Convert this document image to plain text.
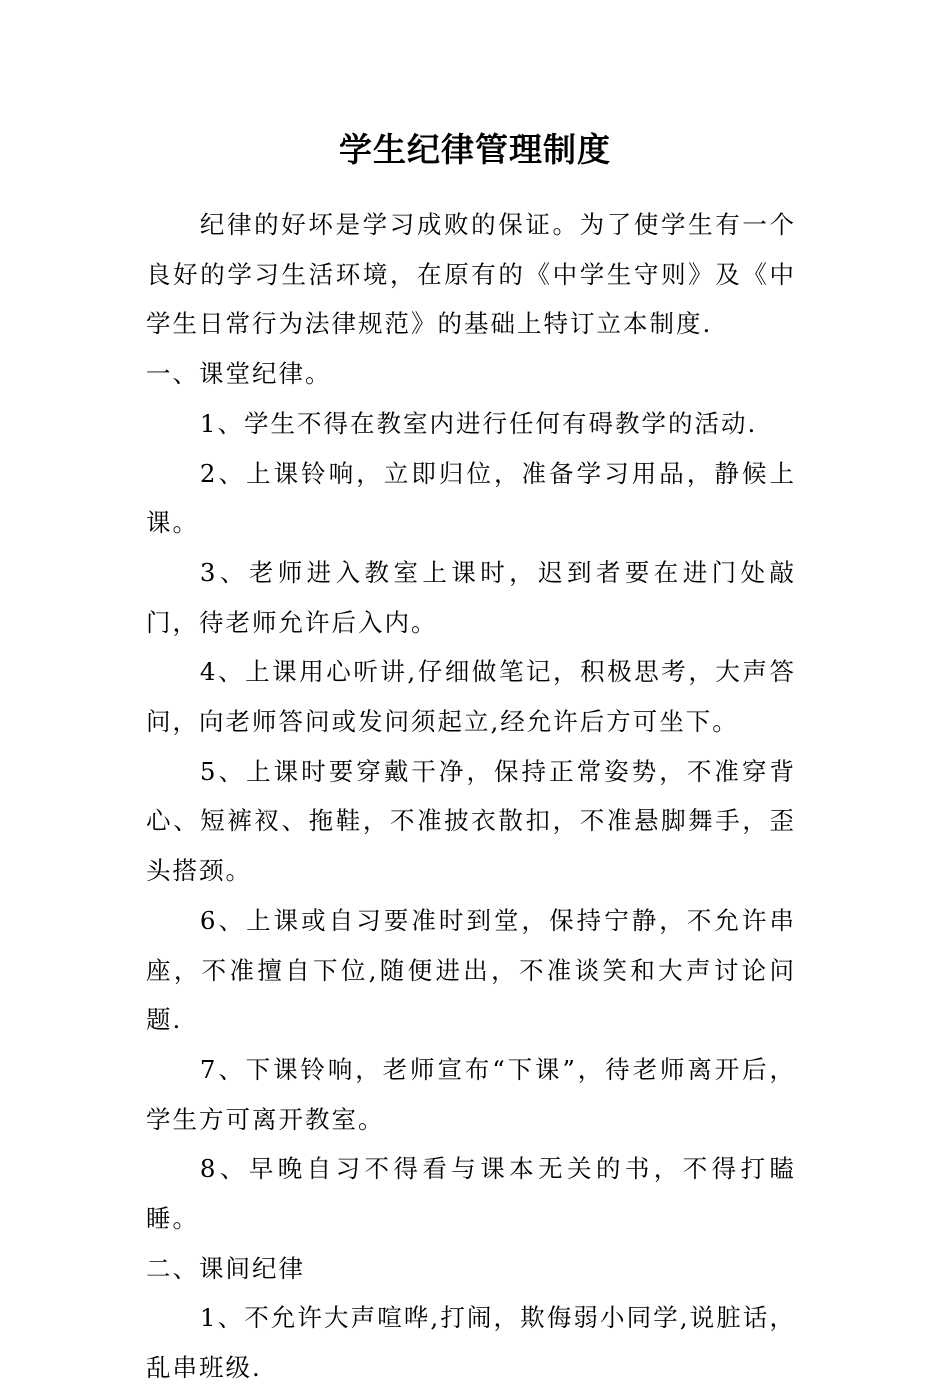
学生纪律管理制度

纪律的好坏是学习成败的保证。为了使学生有一个良好的学习生活环境，在原有的《中学生守则》及《中学生日常行为法律规范》的基础上特订立本制度.

一、课堂纪律。

1、学生不得在教室内进行任何有碍教学的活动.

2、上课铃响，立即归位，准备学习用品，静候上课。

3、老师进入教室上课时，迟到者要在进门处敲门，待老师允许后入内。

4、上课用心听讲,仔细做笔记，积极思考，大声答问，向老师答问或发问须起立,经允许后方可坐下。

5、上课时要穿戴干净，保持正常姿势，不准穿背心、短裤衩、拖鞋，不准披衣散扣，不准悬脚舞手，歪头搭颈。

6、上课或自习要准时到堂，保持宁静，不允许串座，不准擅自下位,随便进出，不准谈笑和大声讨论问题.

7、下课铃响，老师宣布“下课”，待老师离开后，学生方可离开教室。

8、早晚自习不得看与课本无关的书，不得打瞌睡。

二、课间纪律

1、不允许大声喧哗,打闹，欺侮弱小同学,说脏话，乱串班级.
